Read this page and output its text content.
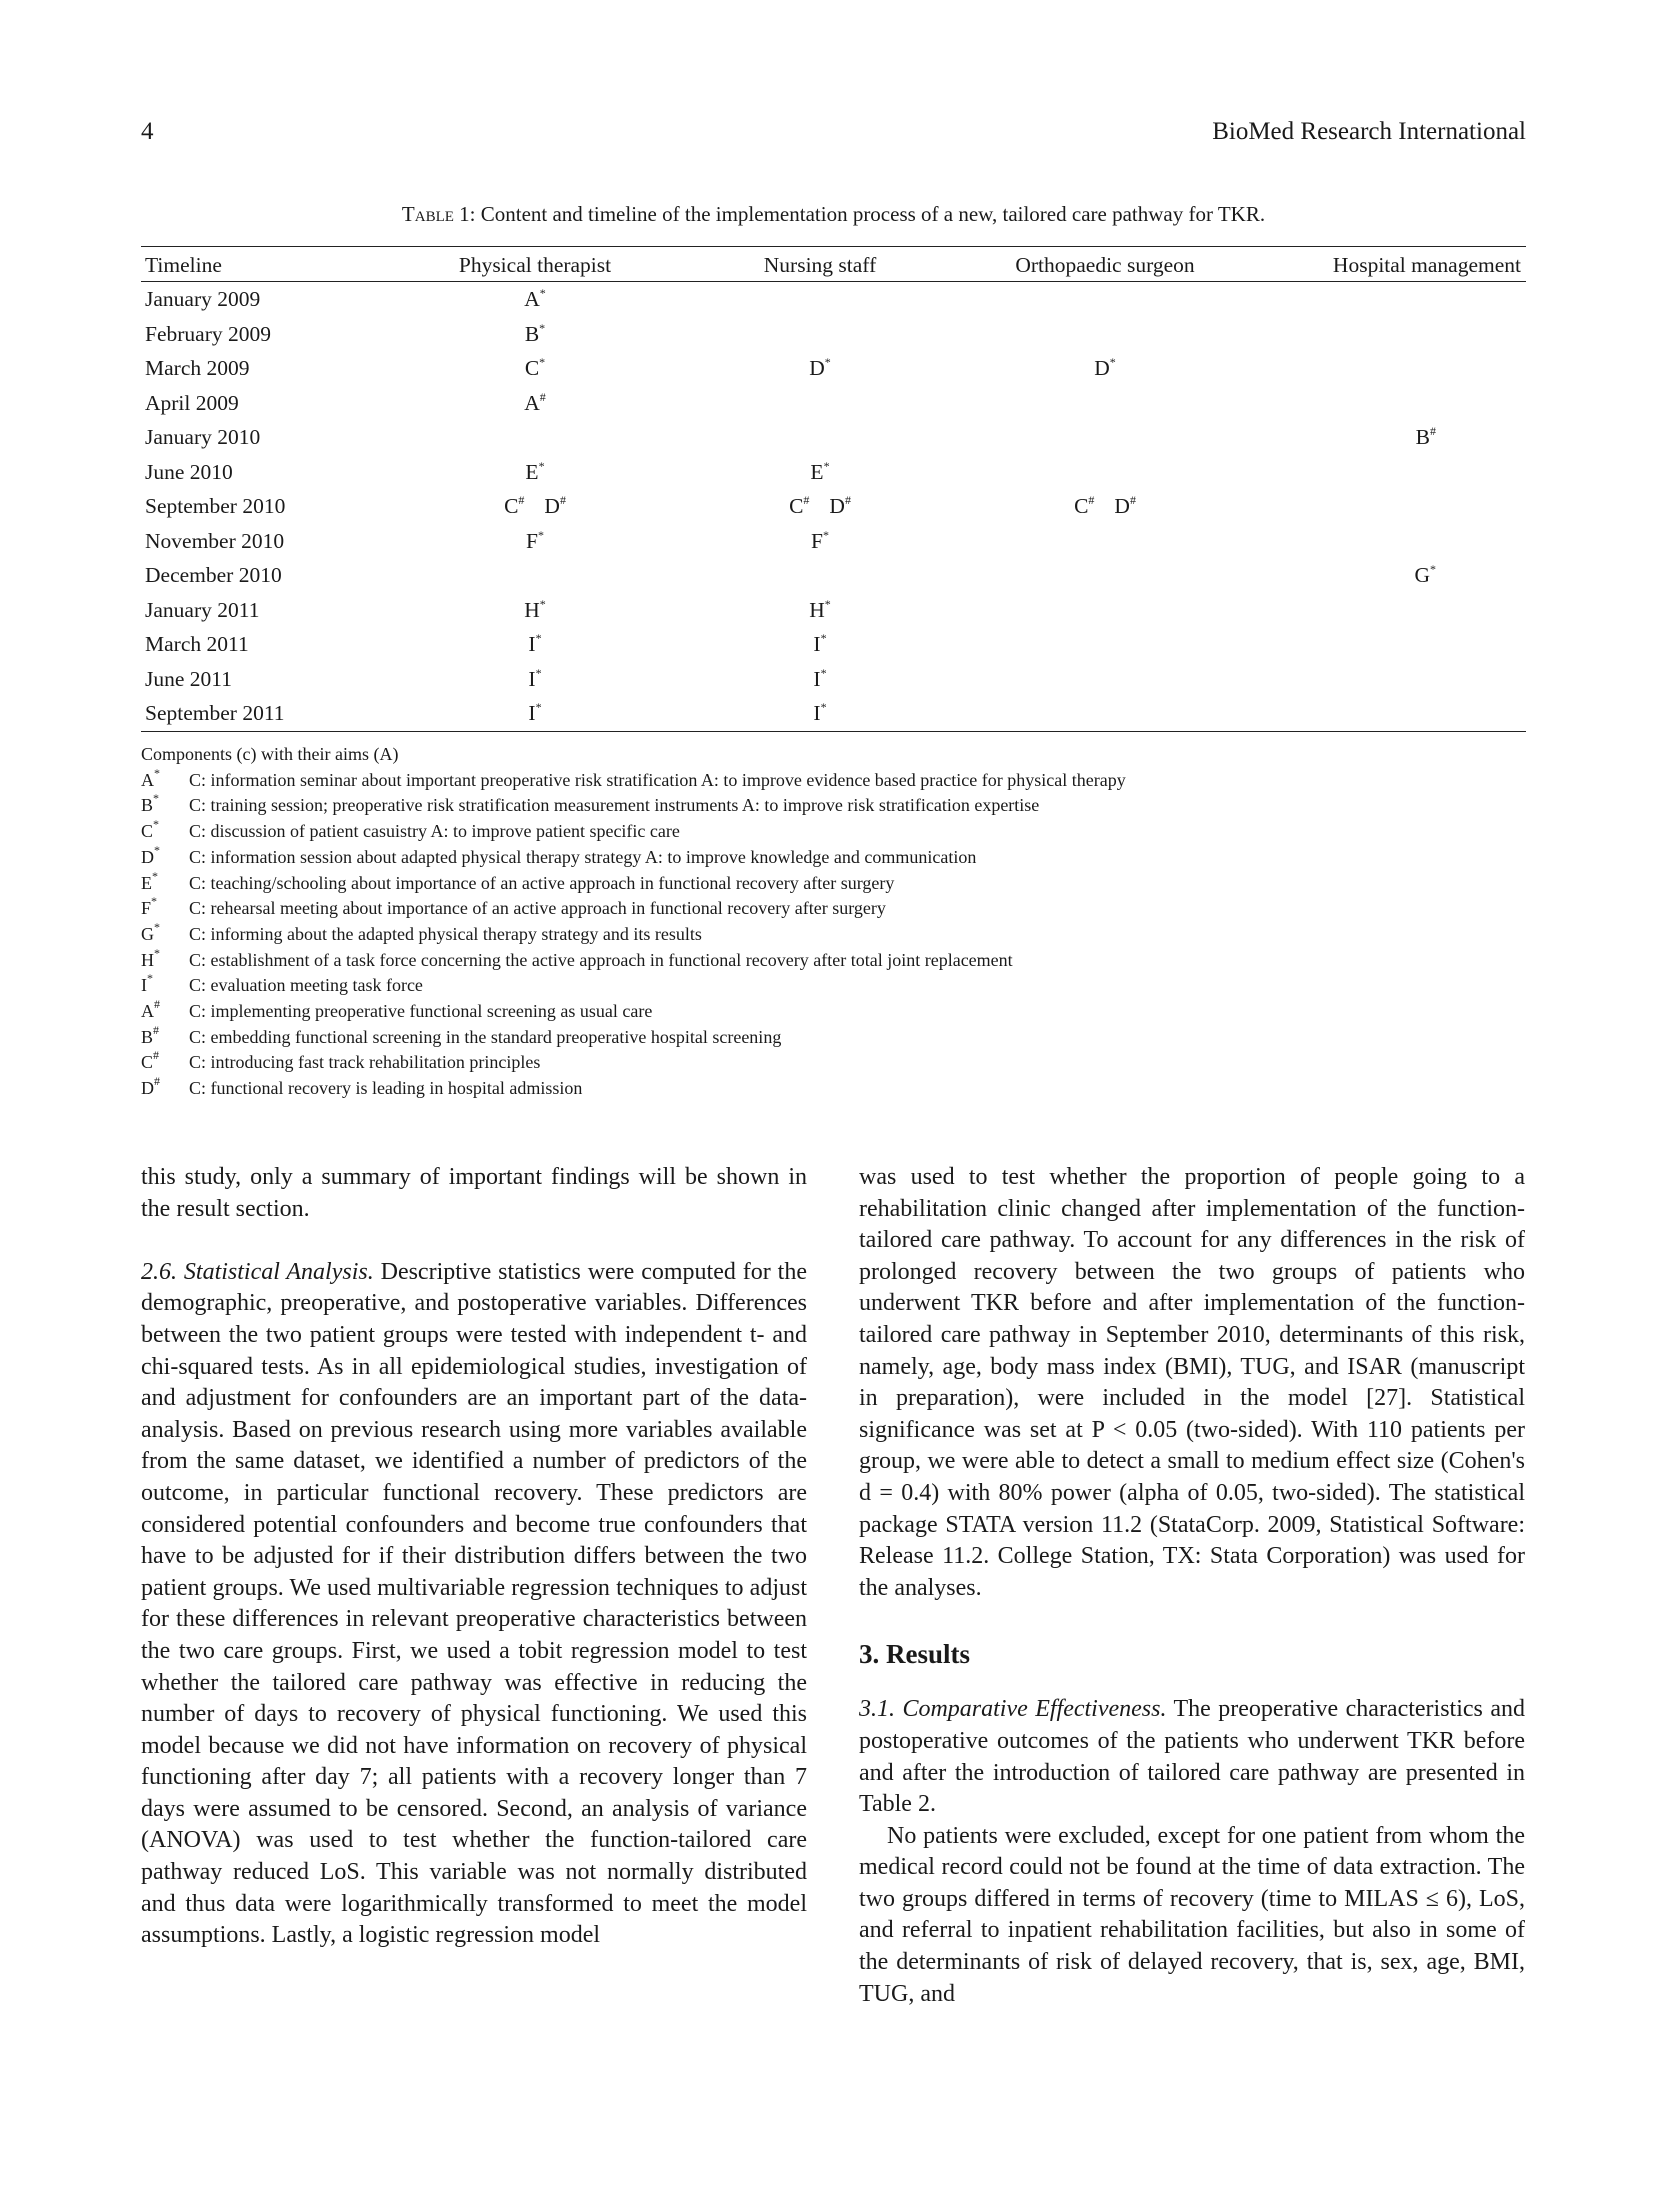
4	BioMed Research International
Table 1: Content and timeline of the implementation process of a new, tailored care pathway for TKR.
Timeline	Physical therapist	Nursing staff	Orthopaedic surgeon	Hospital management
January 2009	A*			
February 2009	B*			
March 2009	C*	D*	D*	
April 2009	A#			
January 2010				B#
June 2010	E*	E*		
September 2010	C# D#	C# D#	C# D#	
November 2010	F*	F*		
December 2010				G*
January 2011	H*	H*		
March 2011	I*	I*		
June 2011	I*	I*		
September 2011	I*	I*		
Components (c) with their aims (A)
A*	C: information seminar about important preoperative risk stratification A: to improve evidence based practice for physical therapy
B*	C: training session; preoperative risk stratification measurement instruments A: to improve risk stratification expertise
C*	C: discussion of patient casuistry A: to improve patient specific care
D*	C: information session about adapted physical therapy strategy A: to improve knowledge and communication
E*	C: teaching/schooling about importance of an active approach in functional recovery after surgery
F*	C: rehearsal meeting about importance of an active approach in functional recovery after surgery
G*	C: informing about the adapted physical therapy strategy and its results
H*	C: establishment of a task force concerning the active approach in functional recovery after total joint replacement
I*	C: evaluation meeting task force
A#	C: implementing preoperative functional screening as usual care
B#	C: embedding functional screening in the standard preoperative hospital screening
C#	C: introducing fast track rehabilitation principles
D#	C: functional recovery is leading in hospital admission

this study, only a summary of important findings will be shown in the result section.

2.6. Statistical Analysis. Descriptive statistics were computed for the demographic, preoperative, and postoperative variables. Differences between the two patient groups were tested with independent t- and chi-squared tests. As in all epidemiological studies, investigation of and adjustment for confounders are an important part of the data-analysis. Based on previous research using more variables available from the same dataset, we identified a number of predictors of the outcome, in particular functional recovery. These predictors are considered potential confounders and become true confounders that have to be adjusted for if their distribution differs between the two patient groups. We used multivariable regression techniques to adjust for these differences in relevant preoperative characteristics between the two care groups. First, we used a tobit regression model to test whether the tailored care pathway was effective in reducing the number of days to recovery of physical functioning. We used this model because we did not have information on recovery of physical functioning after day 7; all patients with a recovery longer than 7 days were assumed to be censored. Second, an analysis of variance (ANOVA) was used to test whether the function-tailored care pathway reduced LoS. This variable was not normally distributed and thus data were logarithmically transformed to meet the model assumptions. Lastly, a logistic regression model

was used to test whether the proportion of people going to a rehabilitation clinic changed after implementation of the function-tailored care pathway. To account for any differences in the risk of prolonged recovery between the two groups of patients who underwent TKR before and after implementation of the function-tailored care pathway in September 2010, determinants of this risk, namely, age, body mass index (BMI), TUG, and ISAR (manuscript in preparation), were included in the model [27]. Statistical significance was set at P < 0.05 (two-sided). With 110 patients per group, we were able to detect a small to medium effect size (Cohen's d = 0.4) with 80% power (alpha of 0.05, two-sided). The statistical package STATA version 11.2 (StataCorp. 2009, Statistical Software: Release 11.2. College Station, TX: Stata Corporation) was used for the analyses.

3. Results

3.1. Comparative Effectiveness. The preoperative characteristics and postoperative outcomes of the patients who underwent TKR before and after the introduction of tailored care pathway are presented in Table 2.

No patients were excluded, except for one patient from whom the medical record could not be found at the time of data extraction. The two groups differed in terms of recovery (time to MILAS ≤ 6), LoS, and referral to inpatient rehabilitation facilities, but also in some of the determinants of risk of delayed recovery, that is, sex, age, BMI, TUG, and
